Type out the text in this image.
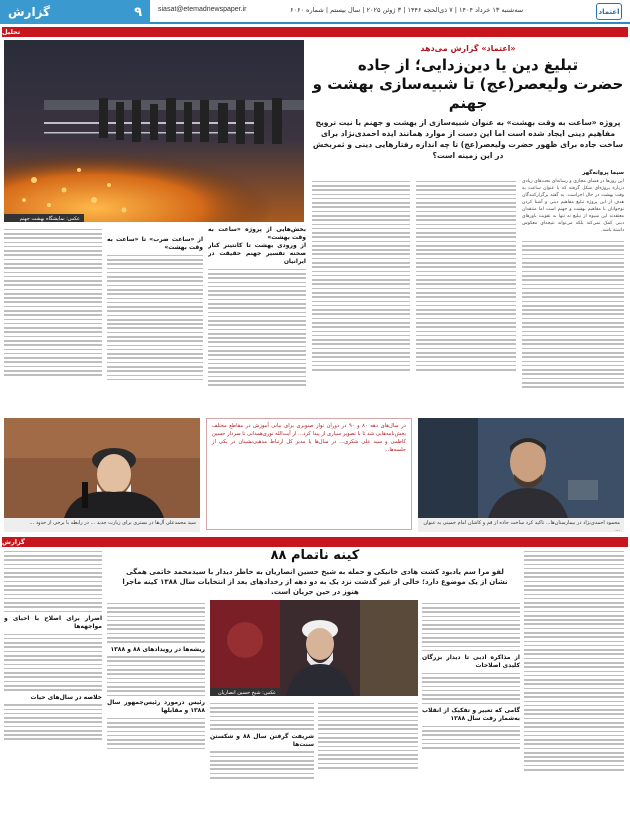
۹
گزارش	siasat@etemadnewspaper.ir	سه‌شنبه ۱۳ خرداد ۱۴۰۴ | ۷ ذی‌الحجه ۱۴۴۶ | ۳ ژوئن ۲۰۲۵ | سال بیستم | شماره ۶۰۶۰	اعتماد
تحلیل
عکس: نمایشگاه بهشت جهنم
«اعتماد» گزارش می‌دهد
تبلیغ دین یا دین‌زدایی؛ از جاده
حضرت ولیعصر(عج) تا شبیه‌سازی بهشت و جهنم
پروژه «ساعت به وقت بهشت» به عنوان شبیه‌سازی از بهشت و جهنم با نیت ترویج مفاهیم دینی ایجاد شده است اما این دست از موارد همانند ایده احمدی‌نژاد برای ساخت جاده برای ظهور حضرت ولیعصر(عج) تا چه اندازه رفتارهایی دینی و ثمربخش در این زمینه است؟
سیما پروانه‌گهر
این روزها در فضای مجازی و رسانه‌ای بحث‌های زیادی درباره پروژه‌ای شکل گرفته که با عنوان ساعت به وقت بهشت در حال اجراست. به گفته برگزارکنندگان هدف از این پروژه تبلیغ مفاهیم دینی و آشنا کردن نوجوانان با مفاهیم بهشت و جهنم است اما منتقدان معتقدند این شیوه از تبلیغ نه تنها به تقویت باورهای دینی کمک نمی‌کند بلکه می‌تواند نتیجه‌ای معکوس داشته باشد.
از «ساعت ضرب» تا «ساعت به وقت بهشت»
بخش‌هایی از پروژه «ساعت به وقت بهشت»
از ورودی بهشت تا کانتینر کنار صحنه تفسیر جهنم حقیقت در ایرانیان
سید محمدعلی آل‌ها در بستری برای زیارت جدید ... در رابطه با برخی از حدود ...
در سال‌های دهه ۸۰ و ۹۰ در دوران نواز صنوبری برای بیانی آموزش در مقاطع مختلف بخش‌نامه‌هایی شد تا با تصویر سیاری از پیدا کرد... از آیت‌الله نوری‌همدانی تا سردار حسین کاظمی و سید علی شکری... در سال‌ها یا مدیر کل ارتباط مذهبی‌نشینان در یکی از جلسه‌ها...
محمود احمدی‌نژاد در بیمارستان‌ها... تاکید کرد ساخت جاده از قم و کاشان امام خمینی به عنوان ...
گزارش
کینه ناتمام ۸۸
لفو مرا سم یادبود کشت هادی خانیکی و حمله به شیخ حسین انصاریان به خاطر دیدار با سیدمحمد خاتمی همگی نشان از یک موضوع دارد؛ خالی از غیر گذشت نزد یک به دو دهه از رخدادهای بعد از انتخابات سال ۱۳۸۸ کینه ماجرا هنوز در حین جریان است.
عکس: شیخ حسین انصاریان
اصرار برای اصلاح با احیای و مواجهه‌ها
خلاصه در سال‌های حیات
ریشه‌ها در رویدادهای ۸۸ و ۱۳۸۸
رئیس درمورد رئیس‌جمهور سال ۱۳۸۸ و مقابلها
شریفت گرفتن سال ۸۸ و شکستن سنت‌ها
از مذاکره ادبی تا دیدار بزرگان کلیدی اصلاحات
گامی که تعبیر و تفکیک از انقلاب به‌شمار رفت سال ۱۳۸۸
